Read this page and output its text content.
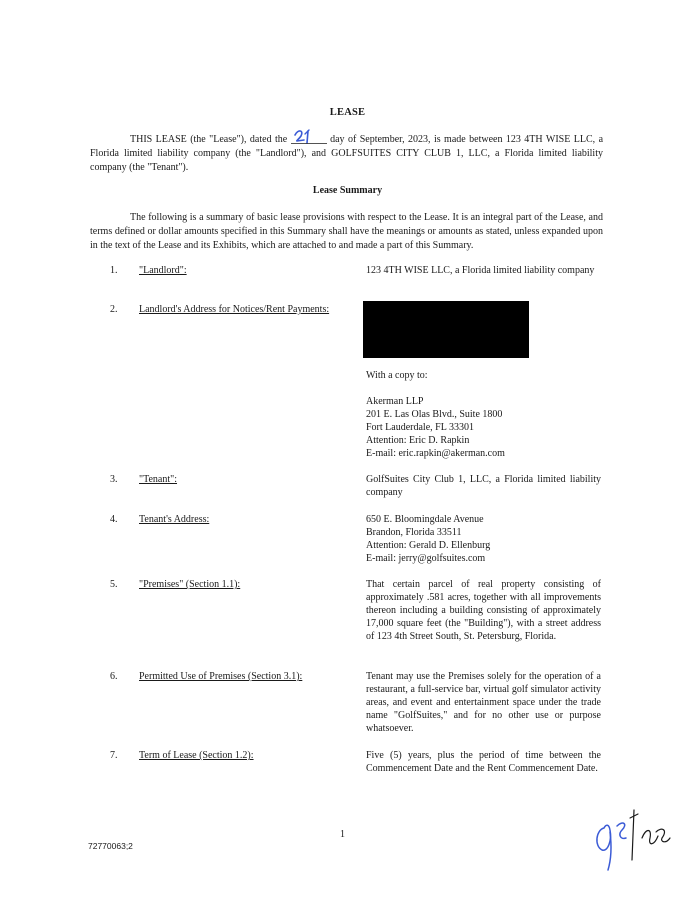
LEASE
THIS LEASE (the "Lease"), dated the	day of September, 2023, is made between 123 4TH WISE LLC, a Florida limited liability company (the "Landlord"), and GOLFSUITES CITY CLUB 1, LLC, a Florida limited liability company (the "Tenant").
Lease Summary
The following is a summary of basic lease provisions with respect to the Lease. It is an integral part of the Lease, and terms defined or dollar amounts specified in this Summary shall have the meanings or amounts as stated, unless expanded upon in the text of the Lease and its Exhibits, which are attached to and made a part of this Summary.
1.	"Landlord":	123 4TH WISE LLC, a Florida limited liability company

2.	Landlord's Address for Notices/Rent Payments:

With a copy to:

Akerman LLP

201 E. Las Olas Blvd., Suite 1800

Fort Lauderdale, FL 33301

Attention: Eric D. Rapkin

E-mail: eric.rapkin@akerman.com

3.	"Tenant":	GolfSuites City Club 1, LLC, a Florida limited liability company

4.	Tenant's Address:	650 E. Bloomingdale Avenue

Brandon, Florida 33511

Attention: Gerald D. Ellenburg

E-mail: jerry@golfsuites.com

5.	"Premises" (Section 1.1):	That certain parcel of real property consisting of approximately .581 acres, together with all improvements thereon including a building consisting of approximately 17,000 square feet (the "Building"), with a street address of 123 4th Street South, St. Petersburg, Florida.

6.	Permitted Use of Premises (Section 3.1):	Tenant may use the Premises solely for the operation of a restaurant, a full-service bar, virtual golf simulator activity areas, and event and entertainment space under the trade name "GolfSuites," and for no other use or purpose whatsoever.

7.	Term of Lease (Section 1.2):	Five (5) years, plus the period of time between the Commencement Date and the Rent Commencement Date.

1
72770063;2
